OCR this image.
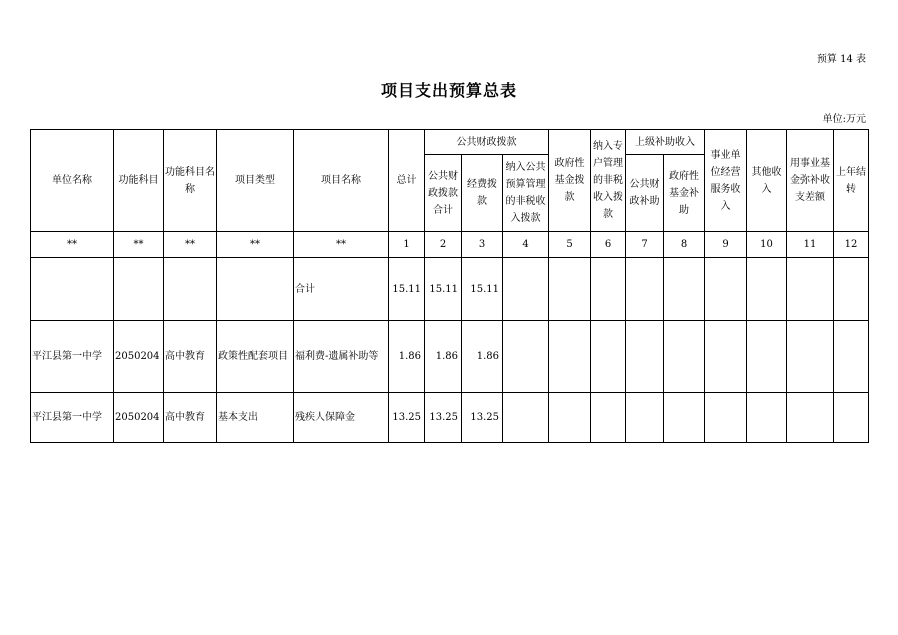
预算 14 表
项目支出预算总表
单位:万元
单位名称	功能科目	功能科目名称	项目类型	项目名称	总计	公共财政拨款			政府性基金拨款	纳入专户管理的非税收入拨款	上级补助收入		事业单位经营服务收入	其他收入	用事业基金弥补收支差额	上年结转
						公共财政拨款合计	经费拨款	纳入公共预算管理的非税收入拨款			公共财政补助	政府性基金补助				
**	**	**	**	**	1	2	3	4	5	6	7	8	9	10	11	12
				合计	15.11	15.11	15.11									
平江县第一中学	2050204	高中教育	政策性配套项目	福利费-遗属补助等	1.86	1.86	1.86									
平江县第一中学	2050204	高中教育	基本支出	残疾人保障金	13.25	13.25	13.25									
